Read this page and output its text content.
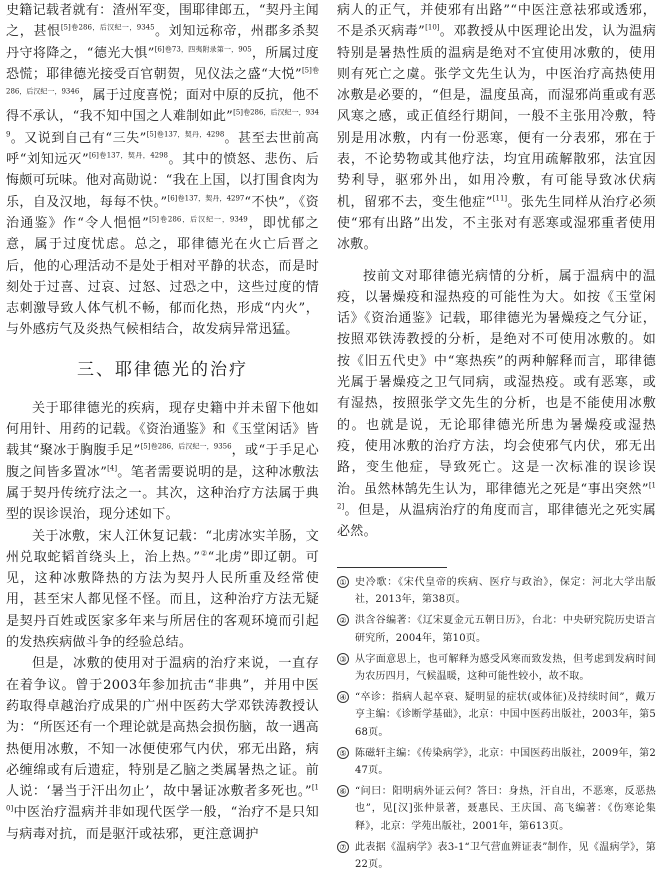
史籍记载者就有：渣州军变，围耶律郎五，“契丹主闻之，甚恨$^{[5]卷286,后汉纪一,9345}$。刘知远称帝，州郡多杀契丹守将降之，“德光大惧”$^{[6]卷73,四夷附录第一,905}$，所属过度恐慌；耶律德光接受百官朝贺，见仪法之盛“大悦”$^{[5]卷286,后汉纪一,9346}$，属于过度喜悦；面对中原的反抗，他不得不承认，“我不知中国之人难制如此”$^{[5]卷286,后汉纪一,9349}$。又说到自己有“三失”$^{[5]卷137,契丹,4298}$。甚至去世前高呼“刘知远灭”$^{[6]卷137,契丹,4298}$。其中的愤怒、悲伤、后悔颇可玩味。他对高勋说：“我在上国，以打围食肉为乐，自及汉地，每每不快。”$^{[6]卷137,契丹,4297}$“不快”，《资治通鉴》作“令人悒悒”$^{[5]卷286,后汉纪一,9349}$，即忧郁之意，属于过度忧虑。总之，耶律德光在火亡后晋之后，他的心理活动不是处于相对平静的状态，而是时刻处于过喜、过哀、过怒、过恐之中，这些过度的情志刺激导致人体气机不畅，郁而化热，形成“内火”，与外感疠气及炎热气候相结合，故发病异常迅猛。

三、耶律德光的治疗

关于耶律德光的疾病，现存史籍中并未留下他如何用针、用药的记载。《资治通鉴》和《玉堂闲话》皆载其“聚冰于胸腹手足”$^{[5]卷286,后汉纪一,9356}$，或“于手足心腹之间皆多置冰”[4]。笔者需要说明的是，这种冰敷法属于契丹传统疗法之一。其次，这种治疗方法属于典型的误诊误治，现分述如下。

关于冰敷，宋人江休复记载：“北虏冰实羊肠，文州兑取蛇韬首绕头上，治上热。”②“北虏”即辽朝。可见，这种冰敷降热的方法为契丹人民所重及经常使用，甚至宋人都见怪不怪。而且，这种治疗方法无疑是契丹百姓或医家多年来与所居住的客观环境而引起的发热疾病做斗争的经验总结。

但是，冰敷的使用对于温病的治疗来说，一直存在着争议。曾于2003年参加抗击“非典”，并用中医药取得卓越治疗成果的广州中医药大学邓铁涛教授认为：“所医还有一个理论就是高热会损伤脑，故一遇高热便用冰敷，不知一冰便使邪气内伏，邪无出路，病必缠绵或有后遗症，特别是乙脑之类属暑热之证。前人说：‘暑当于汗出勿止’，故中暑证冰敷者多死也。”[10]中医治疗温病并非如现代医学一般，“治疗不是只知与病毒对抗，而是驱汗或祛邪，更注意调护

病人的正气，并使邪有出路”“中医注意祛邪或透邪，不是杀灭病毒”[10]。邓教授从中医理论出发，认为温病特别是暑热性质的温病是绝对不宜使用冰敷的，使用则有死亡之虞。张学文先生认为，中医治疗高热使用冰敷是必要的，“但是，温度虽高，而湿邪尚重或有恶风寒之感，或正值经行期间，一般不主张用冷敷，特别是用冰敷，内有一份恶寒，便有一分表邪，邪在于表，不论势物或其他疗法，均宜用疏解散邪，法宜因势利导，驱邪外出，如用冷敷，有可能导致冰伏病机，留邪不去，变生他症”[11]。张先生同样从治疗必须使“邪有出路”出发，不主张对有恶寒或湿邪重者使用冰敷。

按前文对耶律德光病情的分析，属于温病中的温疫，以暑燥疫和湿热疫的可能性为大。如按《玉堂闲话》《资治通鉴》记载，耶律德光为暑燥疫之气分证，按照邓铁涛教授的分析，是绝对不可使用冰敷的。如按《旧五代史》中“寒热疾”的两种解释而言，耶律德光属于暑燥疫之卫气同病，或湿热疫。或有恶寒，或有湿热，按照张学文先生的分析，也是不能使用冰敷的。也就是说，无论耶律德光所患为暑燥疫或湿热疫，使用冰敷的治疗方法，均会使邪气内伏，邪无出路，变生他症，导致死亡。这是一次标准的误诊误治。虽然林鹄先生认为，耶律德光之死是“事出突然”[12]。但是，从温病治疗的角度而言，耶律德光之死实属必然。

① 史冷歌：《宋代皇帝的疾病、医疗与政治》，保定：河北大学出版社，2013年，第38页。
② 洪含谷编著：《辽宋夏金元五朝日历》，台北：中央研究院历史语言研究所，2004年，第10页。
③ 从字面意思上，也可解释为感受风寒而致发热，但考虑到发病时间为农历四月，气候温暖，这种可能性较小，故不取。
④ “卒诊：指病人起卒衰、疑明显的症状(或体征)及持续时间”，戴万亨主编：《诊断学基础》，北京：中国中医药出版社，2003年，第568页。
⑤ 陈磁轩主编：《传染病学》，北京：中国医药出版社，2009年，第247页。
⑥ “问曰：阳明病外证云何？答曰：身热，汗自出，不恶寒，反恶热也”，见[汉]张仲景著，聂惠民、王庆国、高飞编著：《伤寒论集释》，北京：学苑出版社，2001年，第613页。
⑦ 此表据《温病学》表3-1“卫气营血辨证表”制作，见《温病学》，第22页。
